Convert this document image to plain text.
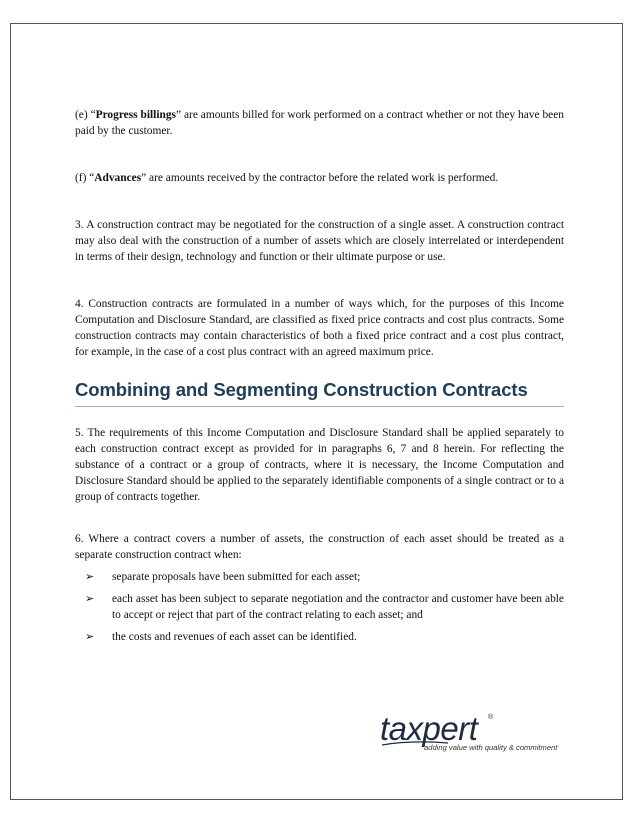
(e) “Progress billings” are amounts billed for work performed on a contract whether or not they have been paid by the customer.

(f) “Advances” are amounts received by the contractor before the related work is performed.

3. A construction contract may be negotiated for the construction of a single asset. A construction contract may also deal with the construction of a number of assets which are closely interrelated or interdependent in terms of their design, technology and function or their ultimate purpose or use.

4. Construction contracts are formulated in a number of ways which, for the purposes of this Income Computation and Disclosure Standard, are classified as fixed price contracts and cost plus contracts. Some construction contracts may contain characteristics of both a fixed price contract and a cost plus contract, for example, in the case of a cost plus contract with an agreed maximum price.

Combining and Segmenting Construction Contracts

5. The requirements of this Income Computation and Disclosure Standard shall be applied separately to each construction contract except as provided for in paragraphs 6, 7 and 8 herein. For reflecting the substance of a contract or a group of contracts, where it is necessary, the Income Computation and Disclosure Standard should be applied to the separately identifiable components of a single contract or to a group of contracts together.

6. Where a contract covers a number of assets, the construction of each asset should be treated as a separate construction contract when:

➢ separate proposals have been submitted for each asset;
➢ each asset has been subject to separate negotiation and the contractor and customer have been able to accept or reject that part of the contract relating to each asset; and
➢ the costs and revenues of each asset can be identified.
taxpert ®
adding value with quality & commitment
